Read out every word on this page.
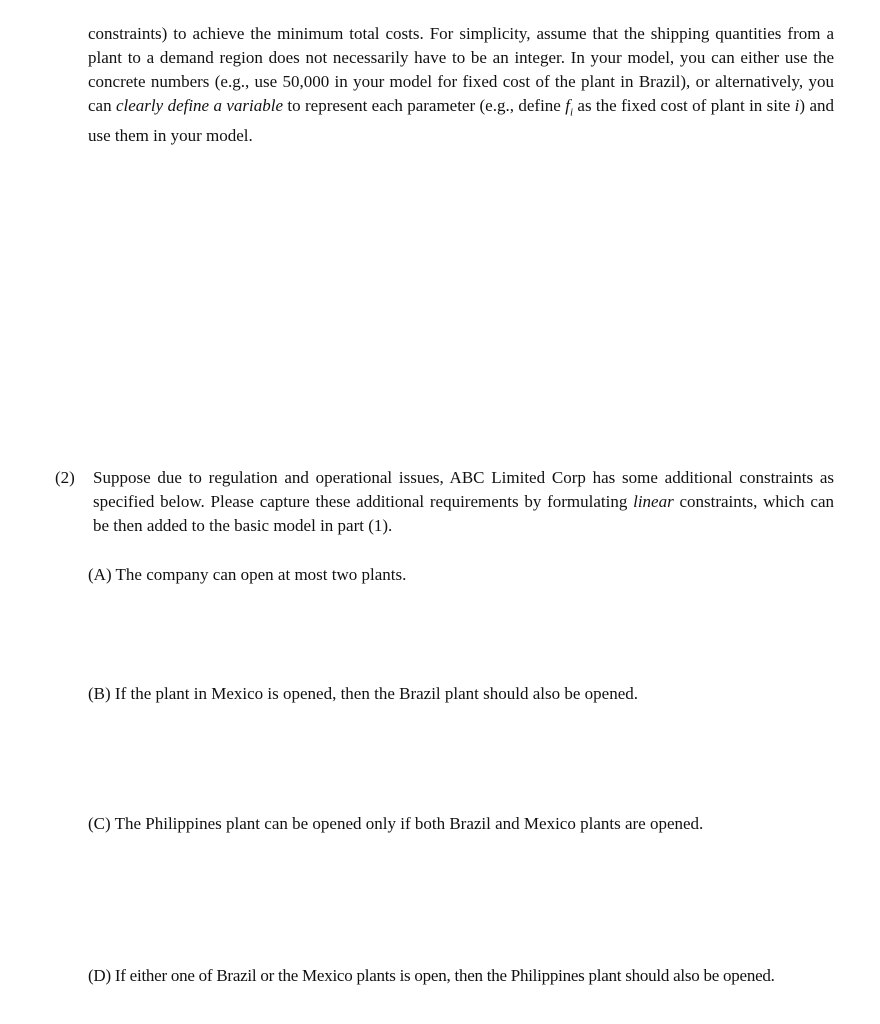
constraints) to achieve the minimum total costs. For simplicity, assume that the shipping quantities from a plant to a demand region does not necessarily have to be an integer. In your model, you can either use the concrete numbers (e.g., use 50,000 in your model for fixed cost of the plant in Brazil), or alternatively, you can clearly define a variable to represent each parameter (e.g., define $f_i$ as the fixed cost of plant in site i) and use them in your model.

(2) Suppose due to regulation and operational issues, ABC Limited Corp has some additional constraints as specified below. Please capture these additional requirements by formulating linear constraints, which can be then added to the basic model in part (1).

(A) The company can open at most two plants.

(B) If the plant in Mexico is opened, then the Brazil plant should also be opened.

(C) The Philippines plant can be opened only if both Brazil and Mexico plants are opened.

(D) If either one of Brazil or the Mexico plants is open, then the Philippines plant should also be opened.
